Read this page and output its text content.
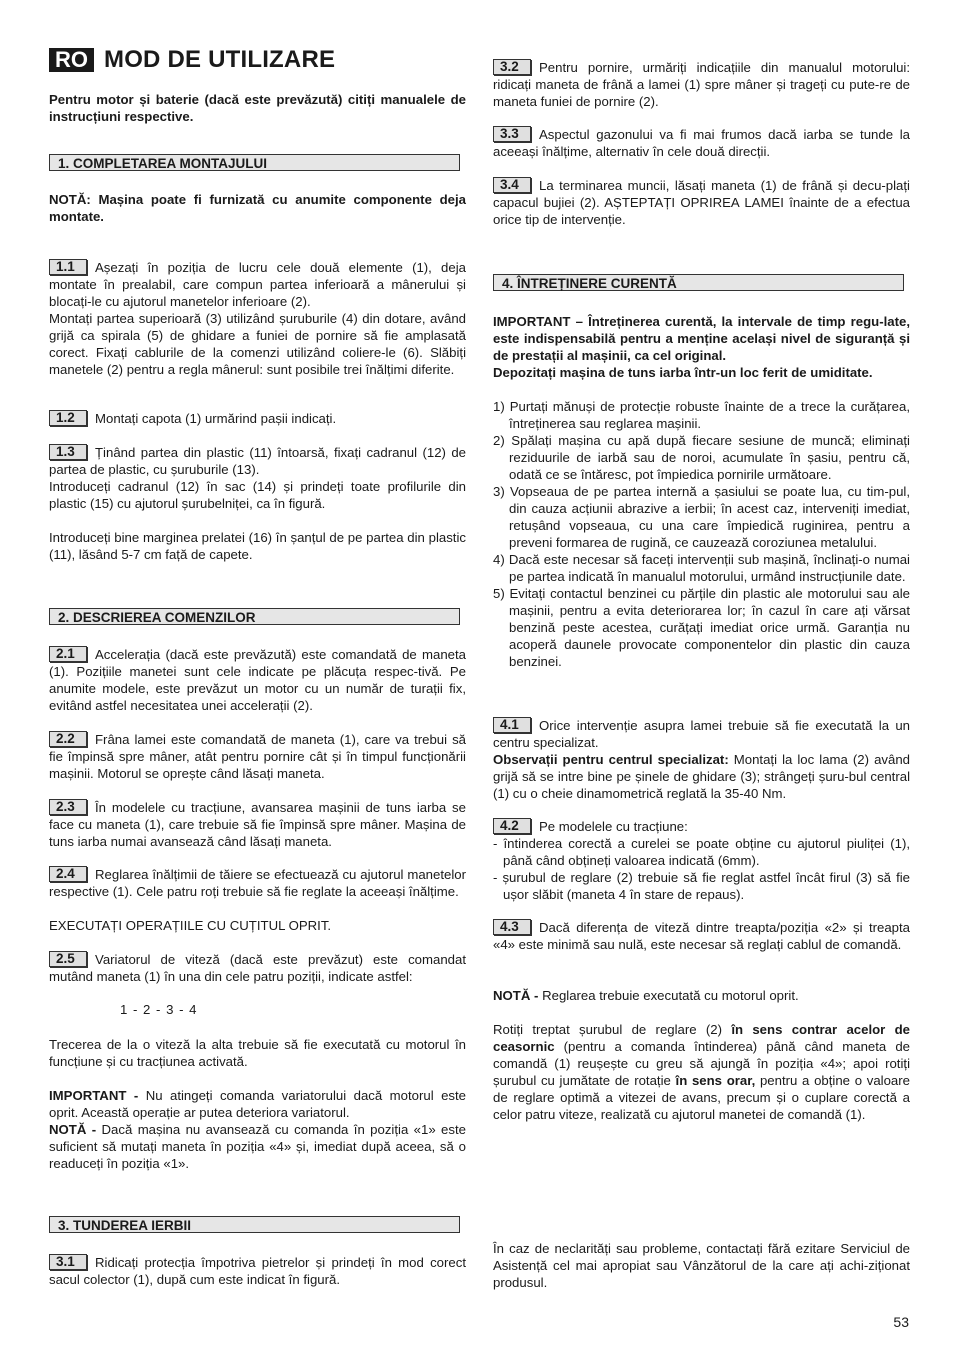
RO MOD DE UTILIZARE

Pentru motor și baterie (dacă este prevăzută) citiți manualele de instrucțiuni respective.

1. COMPLETAREA MONTAJULUI

NOTĂ: Mașina poate fi furnizată cu anumite componente deja montate.

1.1 Așezați în poziția de lucru cele două elemente (1), deja montate în prealabil, care compun partea inferioară a mânerului și blocați-le cu ajutorul manetelor inferioare (2).

Montați partea superioară (3) utilizând șuruburile (4) din dotare, având grijă ca spirala (5) de ghidare a funiei de pornire să fie amplasată corect. Fixați cablurile de la comenzi utilizând coliere-le (6). Slăbiți manetele (2) pentru a regla mânerul: sunt posibile trei înălțimi diferite.

1.2 Montați capota (1) urmărind pașii indicați.

1.3 Ținând partea din plastic (11) întoarsă, fixați cadranul (12) de partea de plastic, cu șuruburile (13).

Introduceți cadranul (12) în sac (14) și prindeți toate profilurile din plastic (15) cu ajutorul șurubelniței, ca în figură.

Introduceți bine marginea prelatei (16) în șanțul de pe partea din plastic (11), lăsând 5-7 cm față de capete.

2. DESCRIEREA COMENZILOR

2.1 Accelerația (dacă este prevăzută) este comandată de maneta (1). Pozițiile manetei sunt cele indicate pe plăcuța respec-tivă. Pe anumite modele, este prevăzut un motor cu un număr de turații fix, evitând astfel necesitatea unei accelerații (2).

2.2 Frâna lamei este comandată de maneta (1), care va trebui să fie împinsă spre mâner, atât pentru pornire cât și în timpul funcționării mașinii. Motorul se oprește când lăsați maneta.

2.3 În modelele cu tracțiune, avansarea mașinii de tuns iarba se face cu maneta (1), care trebuie să fie împinsă spre mâner. Mașina de tuns iarba numai avansează când lăsați maneta.

2.4 Reglarea înălțimii de tăiere se efectuează cu ajutorul manetelor respective (1). Cele patru roți trebuie să fie reglate la aceeași înălțime.

EXECUTAȚI OPERAȚIILE CU CUȚITUL OPRIT.

2.5 Variatorul de viteză (dacă este prevăzut) este comandat mutând maneta (1) în una din cele patru poziții, indicate astfel:

1 - 2 - 3 - 4

Trecerea de la o viteză la alta trebuie să fie executată cu motorul în funcțiune și cu tracțiunea activată.

IMPORTANT - Nu atingeți comanda variatorului dacă motorul este oprit. Această operație ar putea deteriora variatorul.

NOTĂ - Dacă mașina nu avansează cu comanda în poziția «1» este suficient să mutați maneta în poziția «4» și, imediat după aceea, să o readuceți în poziția «1».

3. TUNDEREA IERBII

3.1 Ridicați protecția împotriva pietrelor și prindeți în mod corect sacul colector (1), după cum este indicat în figură.

3.2 Pentru pornire, urmăriți indicațiile din manualul motorului: ridicați maneta de frână a lamei (1) spre mâner și trageți cu pute-re de maneta funiei de pornire (2).

3.3 Aspectul gazonului va fi mai frumos dacă iarba se tunde la aceeași înălțime, alternativ în cele două direcții.

3.4 La terminarea muncii, lăsați maneta (1) de frână și decu-plați capacul bujiei (2). AȘTEPTAȚI OPRIREA LAMEI înainte de a efectua orice tip de intervenție.

4. ÎNTREȚINERE CURENTĂ

IMPORTANT – Întreținerea curentă, la intervale de timp regu-late, este indispensabilă pentru a menține același nivel de siguranță și de prestații al mașinii, ca cel original.

Depozitați mașina de tuns iarba într-un loc ferit de umiditate.

1) Purtați mănuși de protecție robuste înainte de a trece la curățarea, întreținerea sau reglarea mașinii.
2) Spălați mașina cu apă după fiecare sesiune de muncă; eliminați reziduurile de iarbă sau de noroi, acumulate în șasiu, pentru că, odată ce se întăresc, pot împiedica pornirile următoare.
3) Vopseaua de pe partea internă a șasiului se poate lua, cu tim-pul, din cauza acțiunii abrazive a ierbii; în acest caz, interveniți imediat, retușând vopseaua, cu una care împiedică ruginirea, pentru a preveni formarea de rugină, ce cauzează coroziunea metalului.
4) Dacă este necesar să faceți intervenții sub mașină, înclinați-o numai pe partea indicată în manualul motorului, urmând instrucțiunile date.
5) Evitați contactul benzinei cu părțile din plastic ale motorului sau ale mașinii, pentru a evita deteriorarea lor; în cazul în care ați vărsat benzină peste acestea, curățați imediat orice urmă. Garanția nu acoperă daunele provocate componentelor din plastic din cauza benzinei.

4.1 Orice intervenție asupra lamei trebuie să fie executată la un centru specializat.

Observații pentru centrul specializat: Montați la loc lama (2) având grijă să se intre bine pe șinele de ghidare (3); strângeți șuru-bul central (1) cu o cheie dinamometrică reglată la 35-40 Nm.

4.2 Pe modelele cu tracțiune:

- întinderea corectă a curelei se poate obține cu ajutorul piuliței (1), până când obțineți valoarea indicată (6mm).
- șurubul de reglare (2) trebuie să fie reglat astfel încât firul (3) să fie ușor slăbit (maneta 4 în stare de repaus).

4.3 Dacă diferența de viteză dintre treapta/poziția «2» și treapta «4» este minimă sau nulă, este necesar să reglați cablul de comandă.

NOTĂ - Reglarea trebuie executată cu motorul oprit.

Rotiți treptat șurubul de reglare (2) în sens contrar acelor de ceasornic (pentru a comanda întinderea) până când maneta de comandă (1) reușește cu greu să ajungă în poziția «4»; apoi rotiți șurubul cu jumătate de rotație în sens orar, pentru a obține o valoare de reglare optimă a vitezei de avans, precum și o cuplare corectă a celor patru viteze, realizată cu ajutorul manetei de comandă (1).

În caz de neclarități sau probleme, contactați fără ezitare Serviciul de Asistență cel mai apropiat sau Vânzătorul de la care ați achi-ziționat produsul.

53
